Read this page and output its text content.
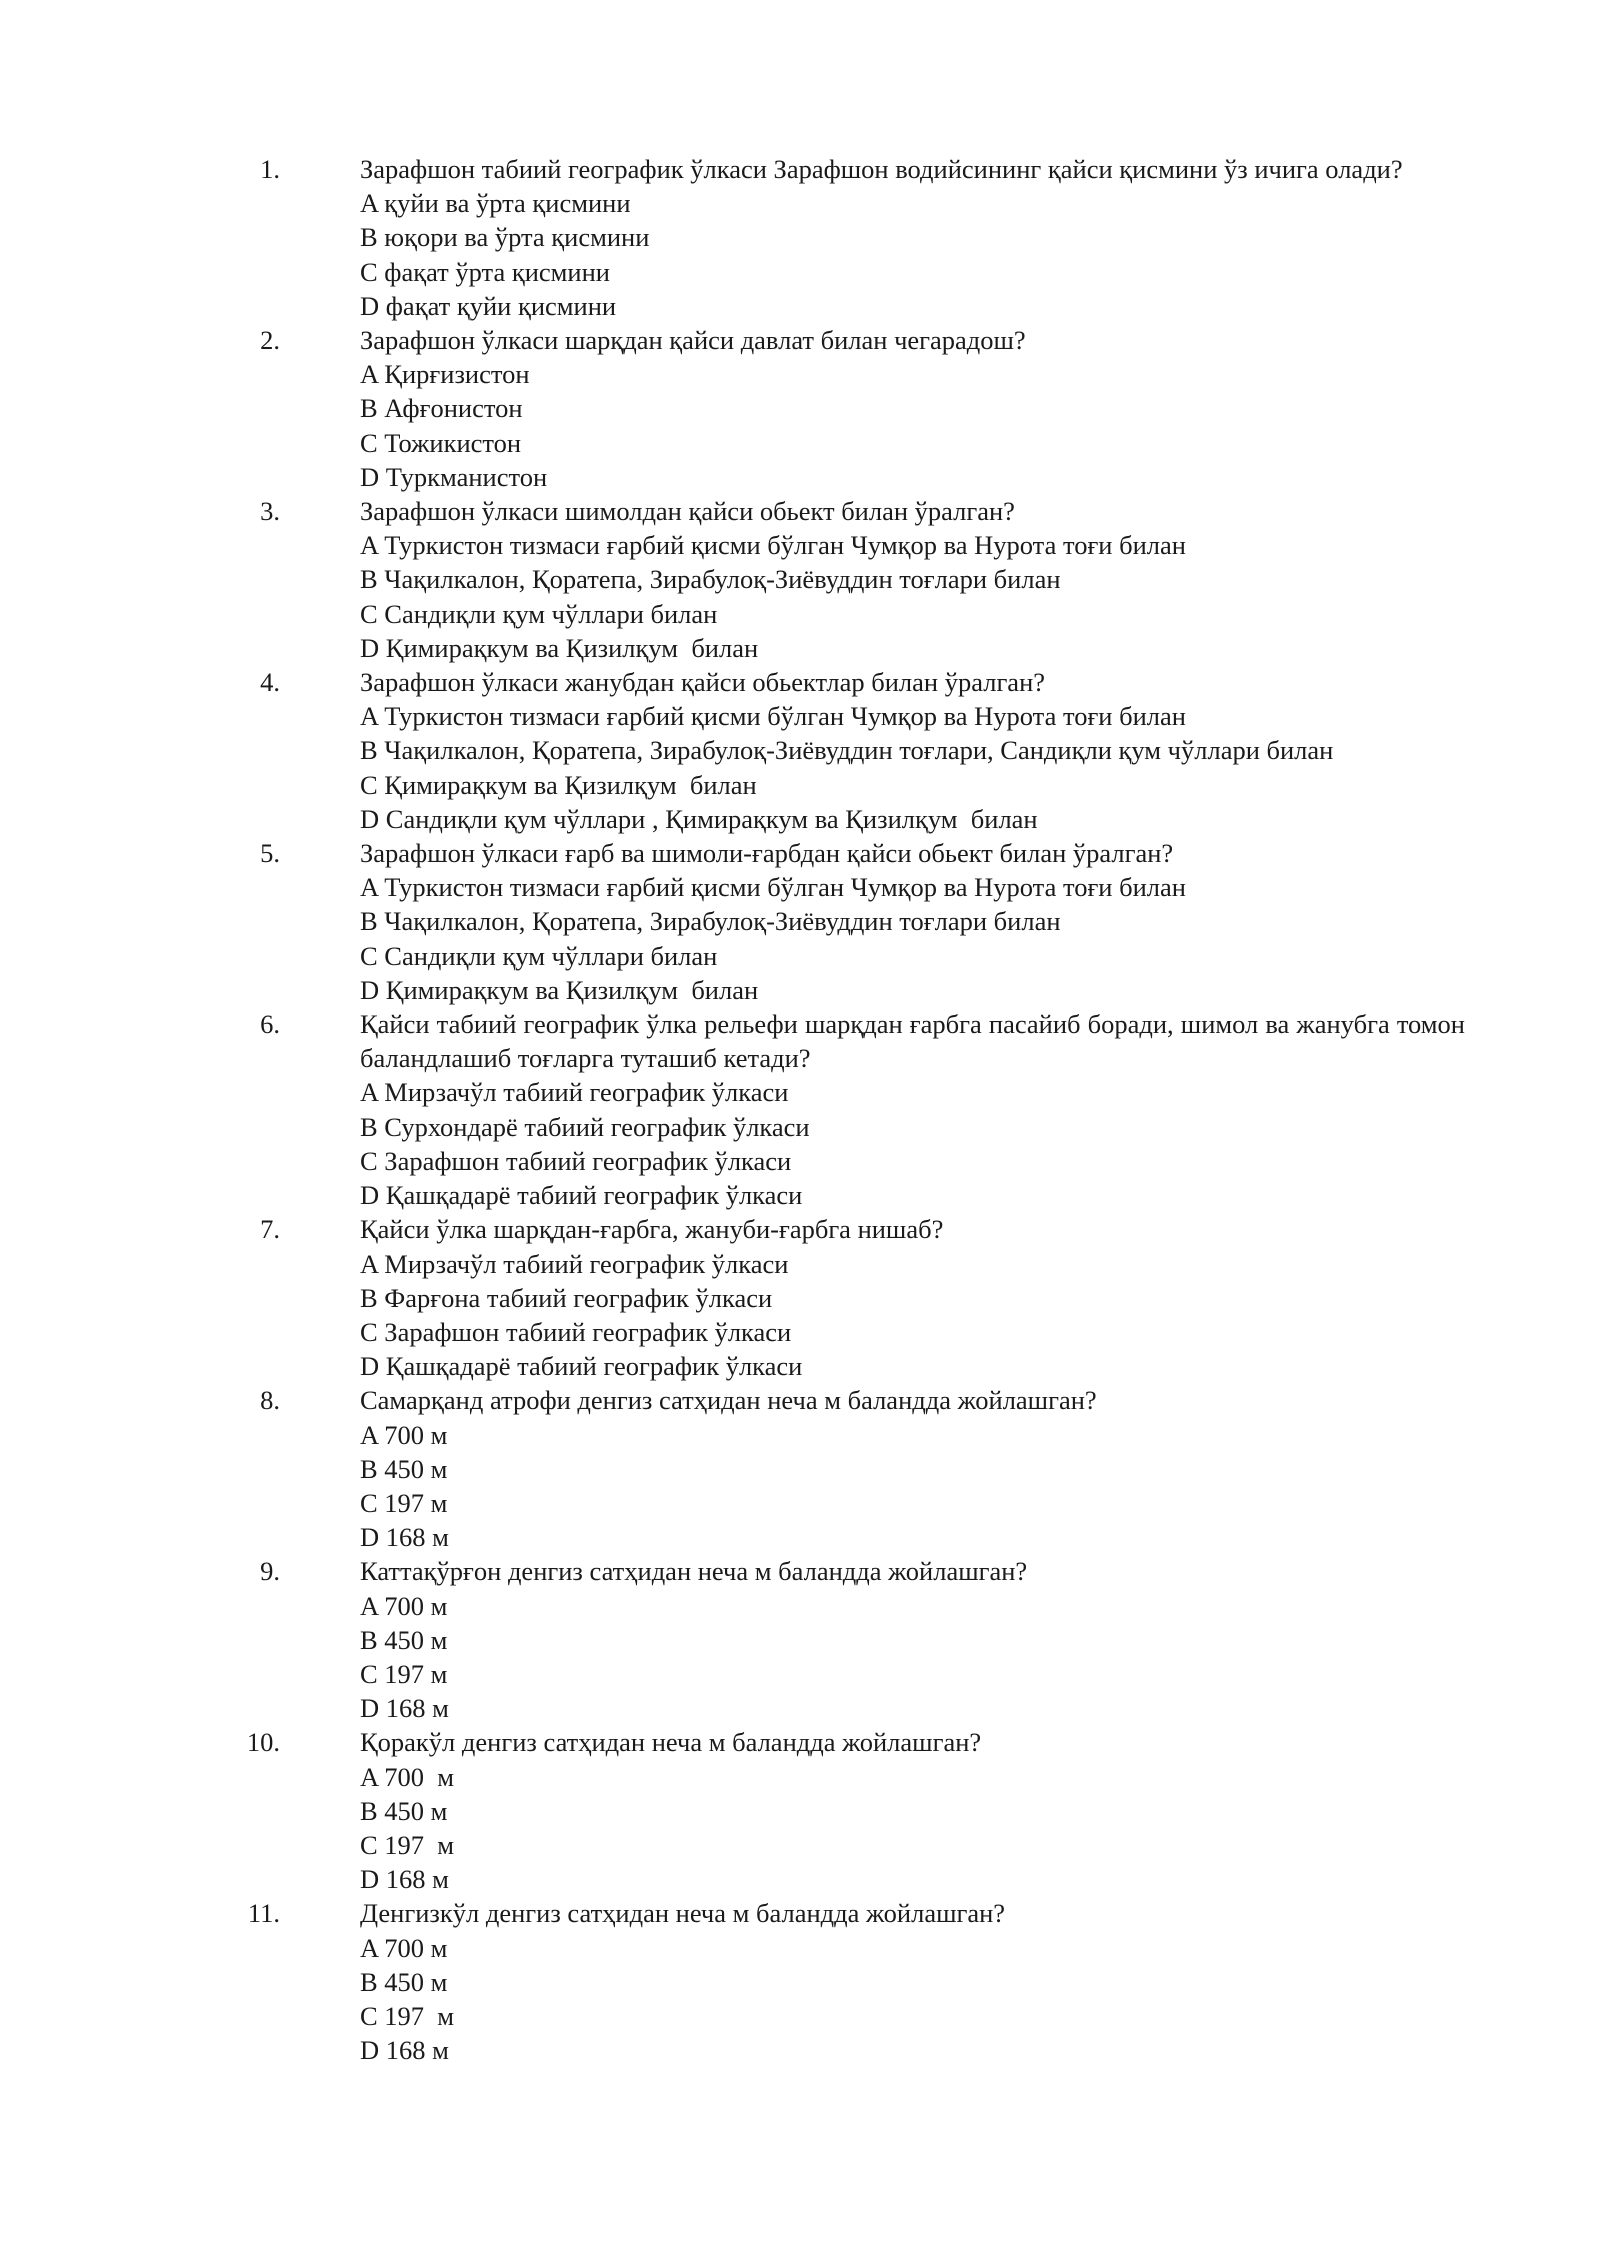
1.	Зарафшон табиий географик ўлкаси Зарафшон водийсининг қайси қисмини ўз ичига олади?
A қуйи ва ўрта қисмини
B юқори ва ўрта қисмини
C фақат ўрта қисмини
D фақат қуйи қисмини
2.	Зарафшон ўлкаси шарқдан қайси давлат билан чегарадош?
A Қирғизистон
B Афғонистон
C Тожикистон
D Туркманистон
3.	Зарафшон ўлкаси шимолдан қайси обьект билан ўралган?
A Туркистон тизмаси ғарбий қисми бўлган Чумқор ва Нурота тоғи билан
B Чақилкалон, Қоратепа, Зирабулоқ-Зиёвуддин тоғлари билан
C Сандиқли қум чўллари билан
D Қимирақкум ва Қизилқум  билан
4.	Зарафшон ўлкаси жанубдан қайси обьектлар билан ўралган?
A Туркистон тизмаси ғарбий қисми бўлган Чумқор ва Нурота тоғи билан
B Чақилкалон, Қоратепа, Зирабулоқ-Зиёвуддин тоғлари, Сандиқли қум чўллари билан
C Қимирақкум ва Қизилқум  билан
D Сандиқли қум чўллари , Қимирақкум ва Қизилқум  билан
5.	Зарафшон ўлкаси ғарб ва шимоли-ғарбдан қайси обьект билан ўралган?
A Туркистон тизмаси ғарбий қисми бўлган Чумқор ва Нурота тоғи билан
B Чақилкалон, Қоратепа, Зирабулоқ-Зиёвуддин тоғлари билан
C Сандиқли қум чўллари билан
D Қимирақкум ва Қизилқум  билан
6.	Қайси табиий географик ўлка рельефи шарқдан ғарбга пасайиб боради, шимол ва жанубга томон баландлашиб тоғларга туташиб кетади?
A Мирзачўл табиий географик ўлкаси
B Сурхондарё табиий географик ўлкаси
C Зарафшон табиий географик ўлкаси
D Қашқадарё табиий географик ўлкаси
7.	Қайси ўлка шарқдан-ғарбга, жануби-ғарбга нишаб?
A Мирзачўл табиий географик ўлкаси
B Фарғона табиий географик ўлкаси
C Зарафшон табиий географик ўлкаси
D Қашқадарё табиий географик ўлкаси
8.	Самарқанд атрофи денгиз сатҳидан неча м баландда жойлашган?
A 700 м
B 450 м
C 197 м
D 168 м
9.	Каттақўрғон денгиз сатҳидан неча м баландда жойлашган?
A 700 м
B 450 м
C 197 м
D 168 м
10.	Қоракўл денгиз сатҳидан неча м баландда жойлашган?
A 700  м
B 450 м
C 197  м
D 168 м
11.	Денгизкўл денгиз сатҳидан неча м баландда жойлашган?
A 700 м
B 450 м
C 197  м
D 168 м
